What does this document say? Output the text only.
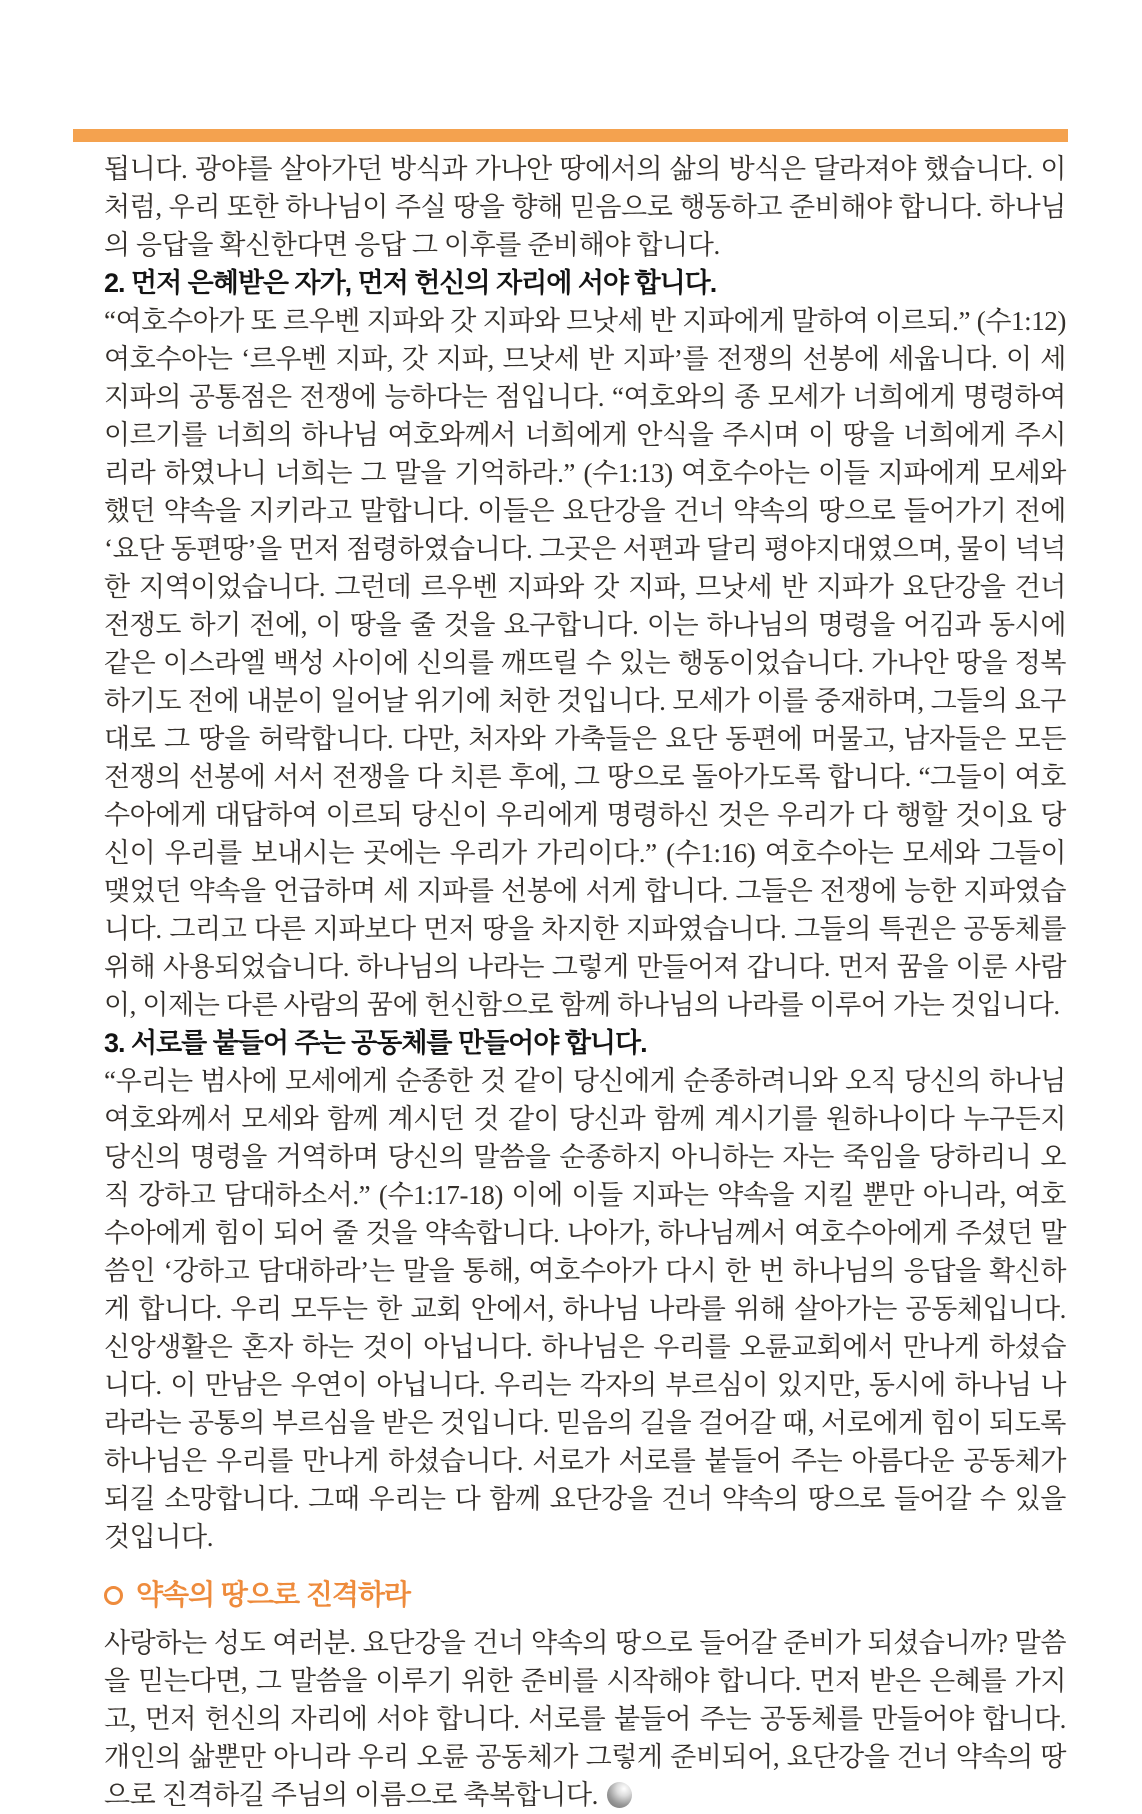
됩니다. 광야를 살아가던 방식과 가나안 땅에서의 삶의 방식은 달라져야 했습니다. 이처럼, 우리 또한 하나님이 주실 땅을 향해 믿음으로 행동하고 준비해야 합니다. 하나님의 응답을 확신한다면 응답 그 이후를 준비해야 합니다.

2. 먼저 은혜받은 자가, 먼저 헌신의 자리에 서야 합니다.

“여호수아가 또 르우벤 지파와 갓 지파와 므낫세 반 지파에게 말하여 이르되.” (수1:12) 여호수아는 ‘르우벤 지파, 갓 지파, 므낫세 반 지파’를 전쟁의 선봉에 세웁니다. 이 세 지파의 공통점은 전쟁에 능하다는 점입니다. “여호와의 종 모세가 너희에게 명령하여 이르기를 너희의 하나님 여호와께서 너희에게 안식을 주시며 이 땅을 너희에게 주시리라 하였나니 너희는 그 말을 기억하라.” (수1:13) 여호수아는 이들 지파에게 모세와 했던 약속을 지키라고 말합니다. 이들은 요단강을 건너 약속의 땅으로 들어가기 전에 ‘요단 동편땅’을 먼저 점령하였습니다. 그곳은 서편과 달리 평야지대였으며, 물이 넉넉한 지역이었습니다. 그런데 르우벤 지파와 갓 지파, 므낫세 반 지파가 요단강을 건너 전쟁도 하기 전에, 이 땅을 줄 것을 요구합니다. 이는 하나님의 명령을 어김과 동시에 같은 이스라엘 백성 사이에 신의를 깨뜨릴 수 있는 행동이었습니다. 가나안 땅을 정복하기도 전에 내분이 일어날 위기에 처한 것입니다. 모세가 이를 중재하며, 그들의 요구대로 그 땅을 허락합니다. 다만, 처자와 가축들은 요단 동편에 머물고, 남자들은 모든 전쟁의 선봉에 서서 전쟁을 다 치른 후에, 그 땅으로 돌아가도록 합니다. “그들이 여호수아에게 대답하여 이르되 당신이 우리에게 명령하신 것은 우리가 다 행할 것이요 당신이 우리를 보내시는 곳에는 우리가 가리이다.” (수1:16) 여호수아는 모세와 그들이 맺었던 약속을 언급하며 세 지파를 선봉에 서게 합니다. 그들은 전쟁에 능한 지파였습니다. 그리고 다른 지파보다 먼저 땅을 차지한 지파였습니다. 그들의 특권은 공동체를 위해 사용되었습니다. 하나님의 나라는 그렇게 만들어져 갑니다. 먼저 꿈을 이룬 사람이, 이제는 다른 사람의 꿈에 헌신함으로 함께 하나님의 나라를 이루어 가는 것입니다.

3. 서로를 붙들어 주는 공동체를 만들어야 합니다.

“우리는 범사에 모세에게 순종한 것 같이 당신에게 순종하려니와 오직 당신의 하나님 여호와께서 모세와 함께 계시던 것 같이 당신과 함께 계시기를 원하나이다 누구든지 당신의 명령을 거역하며 당신의 말씀을 순종하지 아니하는 자는 죽임을 당하리니 오직 강하고 담대하소서.” (수1:17-18) 이에 이들 지파는 약속을 지킬 뿐만 아니라, 여호수아에게 힘이 되어 줄 것을 약속합니다. 나아가, 하나님께서 여호수아에게 주셨던 말씀인 ‘강하고 담대하라’는 말을 통해, 여호수아가 다시 한 번 하나님의 응답을 확신하게 합니다. 우리 모두는 한 교회 안에서, 하나님 나라를 위해 살아가는 공동체입니다. 신앙생활은 혼자 하는 것이 아닙니다. 하나님은 우리를 오륜교회에서 만나게 하셨습니다. 이 만남은 우연이 아닙니다. 우리는 각자의 부르심이 있지만, 동시에 하나님 나라라는 공통의 부르심을 받은 것입니다. 믿음의 길을 걸어갈 때, 서로에게 힘이 되도록 하나님은 우리를 만나게 하셨습니다. 서로가 서로를 붙들어 주는 아름다운 공동체가 되길 소망합니다. 그때 우리는 다 함께 요단강을 건너 약속의 땅으로 들어갈 수 있을 것입니다.

약속의 땅으로 진격하라

사랑하는 성도 여러분. 요단강을 건너 약속의 땅으로 들어갈 준비가 되셨습니까? 말씀을 믿는다면, 그 말씀을 이루기 위한 준비를 시작해야 합니다. 먼저 받은 은혜를 가지고, 먼저 헌신의 자리에 서야 합니다. 서로를 붙들어 주는 공동체를 만들어야 합니다. 개인의 삶뿐만 아니라 우리 오륜 공동체가 그렇게 준비되어, 요단강을 건너 약속의 땅으로 진격하길 주님의 이름으로 축복합니다.
